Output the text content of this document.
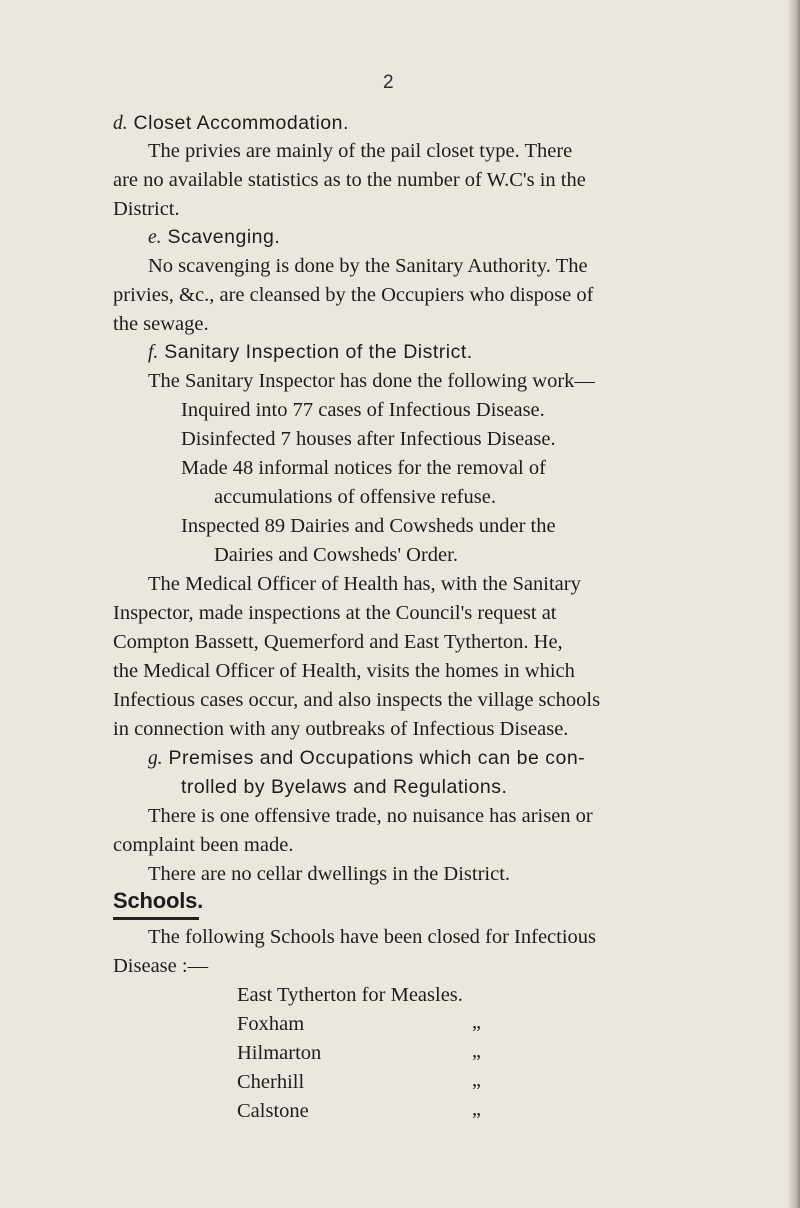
2
d. Closet Accommodation.
The privies are mainly of the pail closet type. There
are no available statistics as to the number of W.C's in the
District.
e. Scavenging.
No scavenging is done by the Sanitary Authority. The
privies, &c., are cleansed by the Occupiers who dispose of
the sewage.
f. Sanitary Inspection of the District.
The Sanitary Inspector has done the following work—
Inquired into 77 cases of Infectious Disease.
Disinfected 7 houses after Infectious Disease.
Made 48 informal notices for the removal of
accumulations of offensive refuse.
Inspected 89 Dairies and Cowsheds under the
Dairies and Cowsheds' Order.
The Medical Officer of Health has, with the Sanitary
Inspector, made inspections at the Council's request at
Compton Bassett, Quemerford and East Tytherton. He,
the Medical Officer of Health, visits the homes in which
Infectious cases occur, and also inspects the village schools
in connection with any outbreaks of Infectious Disease.
g. Premises and Occupations which can be con-
trolled by Byelaws and Regulations.
There is one offensive trade, no nuisance has arisen or
complaint been made.
There are no cellar dwellings in the District.
Schools.
The following Schools have been closed for Infectious
Disease :—
East Tytherton for Measles.
Foxham	„
Hilmarton	„
Cherhill	„
Calstone	„
